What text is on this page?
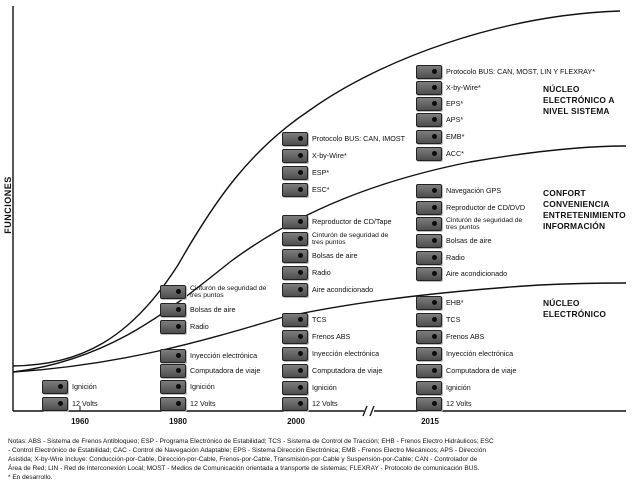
FUNCIONES
1960	1980	2000	2015
Ignición
12 Volts
Cinturón de seguridad de tres puntos
Bolsas de aire
Radio
Inyección electrónica
Computadora de viaje
Ignición
12 Volts
Protocolo BUS: CAN, IMOST
X-by-Wire*
ESP*
ESC*
Reproductor de CD/Tape
Cinturón de seguridad de tres puntos
Bolsas de aire
Radio
Aire acondicionado
TCS
Frenos ABS
Inyección electrónica
Computadora de viaje
Ignición
12 Volts
Protocolo BUS: CAN, MOST, LIN Y FLEXRAY*
X-by-Wire*
EPS*
APS*
EMB*
ACC*
Navegación GPS
Reproductor de CD/DVD
Cinturón de seguridad de tres puntos
Bolsas de aire
Radio
Aire acondicionado
EHB*
TCS
Frenos ABS
Inyección electrónica
Computadora de viaje
Ignición
12 Volts
NÚCLEO
ELECTRÓNICO A
NIVEL SISTEMA
CONFORT
CONVENIENCIA
ENTRETENIMIENTO
INFORMACIÓN
NÚCLEO
ELECTRÓNICO
Notas: ABS - Sistema de Frenos Antibloqueo; ESP - Programa Electrónico de Estabilidad; TCS - Sistema de Control de Tracción; EHB - Frenos Electro Hidráulicos; ESC
- Control Electrónico de Estabilidad; CAC - Control de Navegación Adaptable; EPS - Sistema Dirección Electrónica; EMB - Frenos Electro Mecánicos; APS - Dirección
Asistida; X-by-Wire Incluye: Conducción-por-Cable, Dirección-por-Cable, Frenos-por-Cable, Transmisión-por-Cable y Suspensión-por-Cable; CAN - Controlador de
Área de Red; LIN - Red de Interconexión Local; MOST - Medios de Comunicación orientada a transporte de sistemas; FLEXRAY - Protocolo de comunicación BUS.
* En desarrollo.
